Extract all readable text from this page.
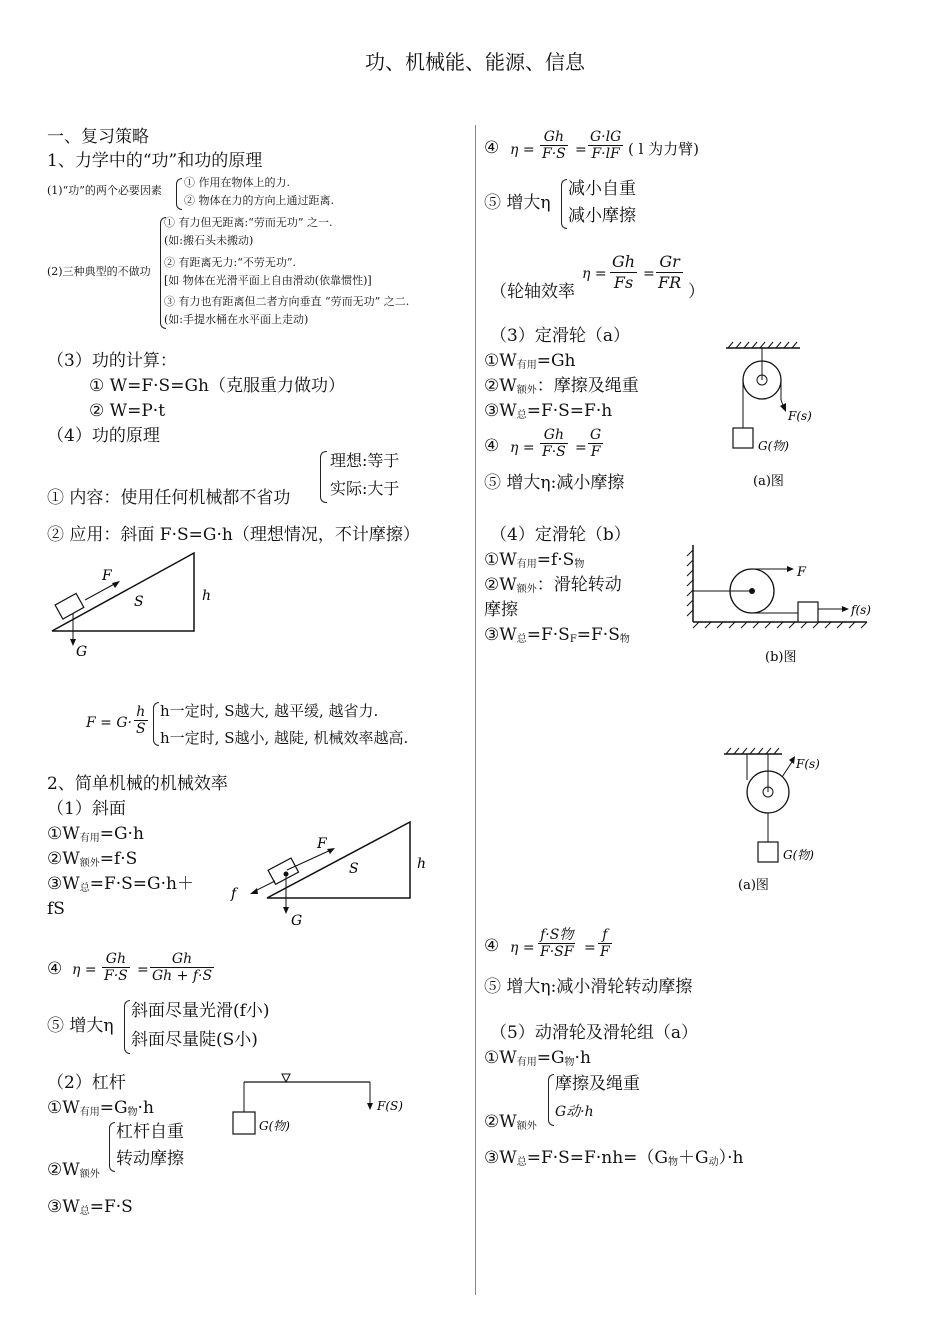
功、机械能、能源、信息
一、复习策略
1、力学中的“功”和功的原理
(1)“功”的两个必要因素
① 作用在物体上的力.
② 物体在力的方向上通过距离.
(2)三种典型的不做功
① 有力但无距离:“劳而无功” 之一.
(如:搬石头未搬动)
② 有距离无力:“不劳无功”.
[如 物体在光滑平面上自由滑动(依靠惯性)]
③ 有力也有距离但二者方向垂直 “劳而无功” 之二.
(如:手提水桶在水平面上走动)
（3）功的计算：
① W=F·S=Gh（克服重力做功）
② W=P·t
（4）功的原理
理想:等于
实际:大于
① 内容：使用任何机械都不省功
② 应用：斜面 F·S=G·h（理想情况，不计摩擦）
F
S	h
G
$F = G\cdot \frac{h}{S}$ h一定时, S越大, 越平缓, 越省力.
h一定时, S越小, 越陡, 机械效率越高.
2、简单机械的机械效率
（1）斜面
$①W_{有用}=G\cdot h$
$②W_{额外}=f\cdot S$
$③W_总=F\cdot S=G\cdot h+$
fS
F
S	h
f
G
④ $\eta = \frac{Gh}{F\cdot S} = \frac{Gh}{Gh + f\cdot S}$
⑤ 增大η
斜面尽量光滑(f小)
斜面尽量陡(S小)
（2）杠杆
$①W_{有用}=G_物\cdot h$
杠杆自重
转动摩擦
$②W_{额外}$
$③W_总=F\cdot S$
G(物)
F(S)
④ $\eta = \frac{Gh}{F\cdot S} = \frac{G\cdot lG}{F\cdot lF}$ ( l 为力臂)
⑤ 增大η
减小自重
减小摩擦
（轮轴效率
$\eta = \frac{Gh}{Fs} = \frac{Gr}{FR}$ ）
（3）定滑轮（a）
$①W_{有用}=Gh$
$②W_{额外}$：摩擦及绳重
$③W_总=F\cdot S=F\cdot h$
④ $\eta = \frac{Gh}{F\cdot S} = \frac{G}{F}$
⑤ 增大η:减小摩擦
F(s)
G(物)
(a)图
（4）定滑轮（b）
$①W_{有用}=f\cdot S_物$
$②W_{额外}$：滑轮转动
摩擦
$③W_总=F\cdot S_F=F\cdot S_物$
F
f(s)
(b)图
F(s)
G(物)
(a)图
④ η =
f·S物
$F\cdot SF = \frac{f}{F}$
⑤ 增大η:减小滑轮转动摩擦
（5）动滑轮及滑轮组（a）
$①W_{有用}=G_物\cdot h$
摩擦及绳重
G动·h
$②W_{额外}$
$③W_总=F\cdot S=F\cdot nh=(G_物+G_动)\cdot h$
